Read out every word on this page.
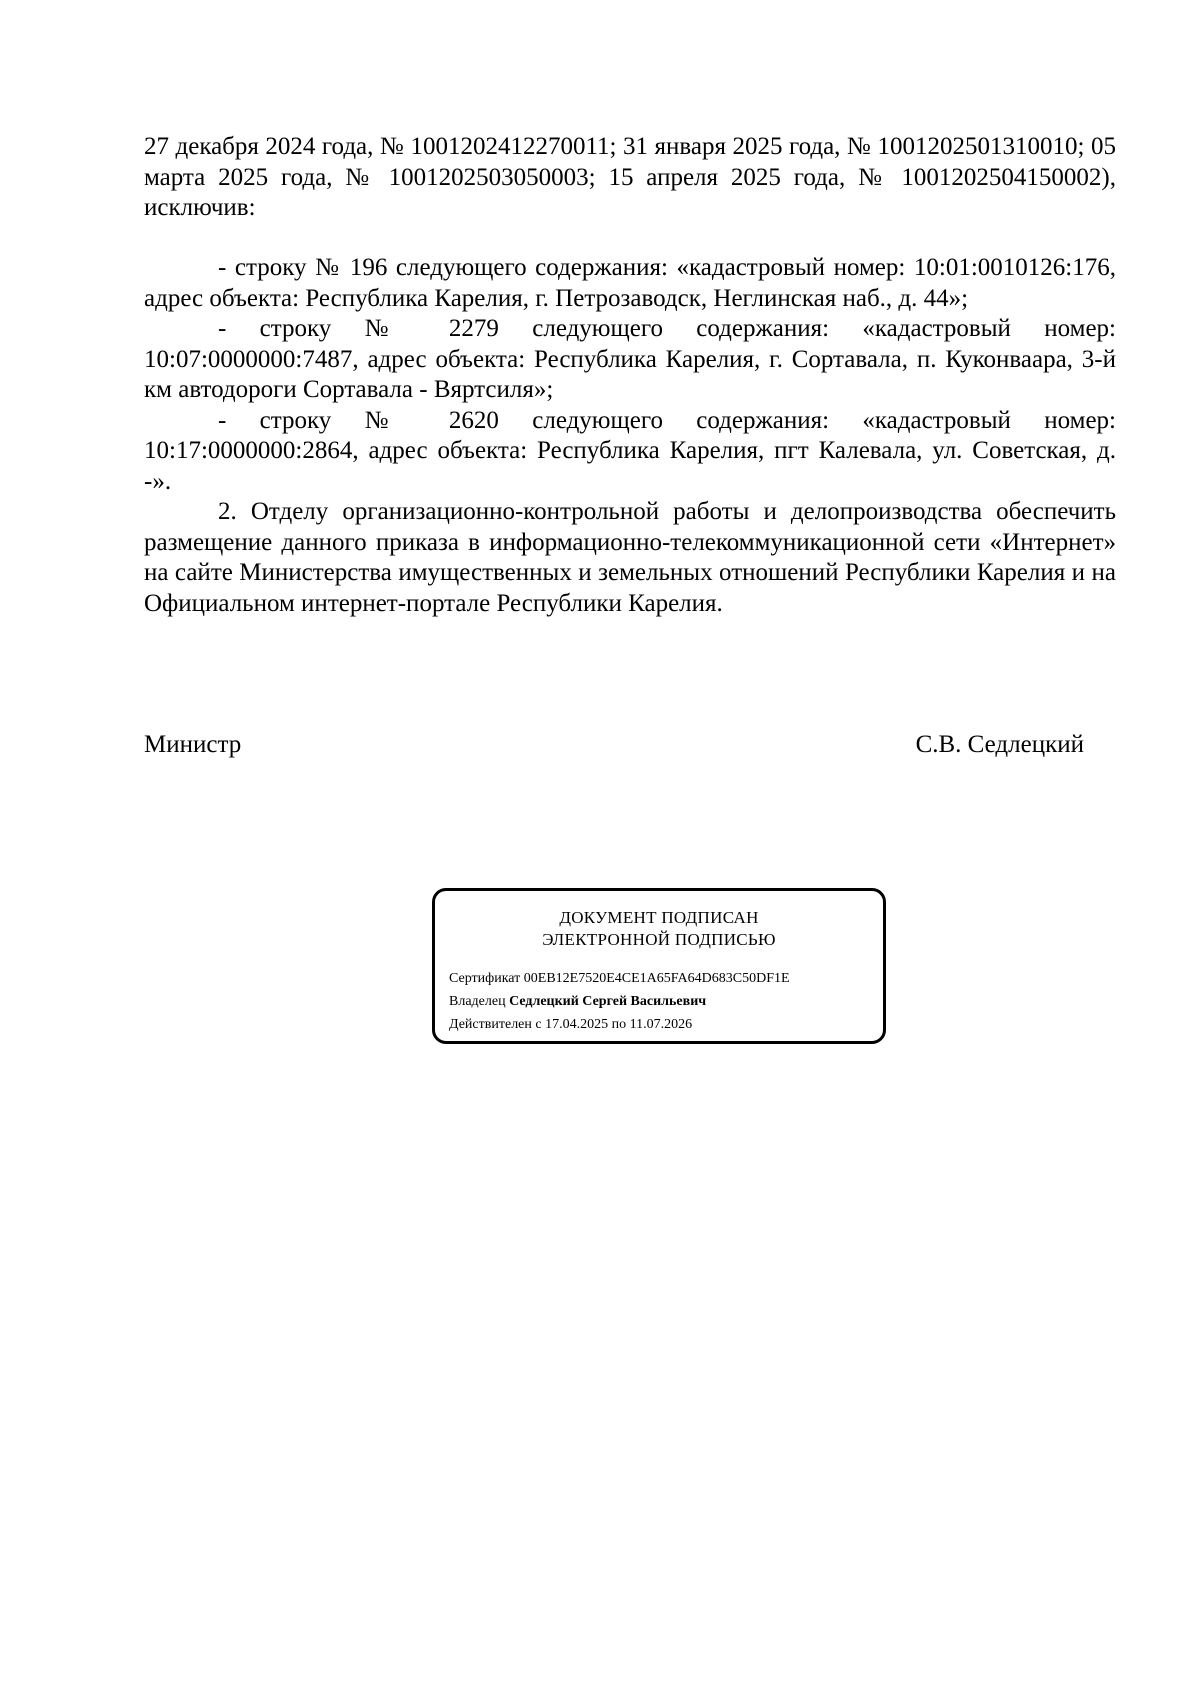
27 декабря 2024 года, № 1001202412270011; 31 января 2025 года, № 1001202501310010; 05 марта 2025 года, № 1001202503050003; 15 апреля 2025 года, № 1001202504150002), исключив:

- строку № 196 следующего содержания: «кадастровый номер: 10:01:0010126:176, адрес объекта: Республика Карелия, г. Петрозаводск, Неглинская наб., д. 44»;

- строку № 2279 следующего содержания: «кадастровый номер: 10:07:0000000:7487, адрес объекта: Республика Карелия, г. Сортавала, п. Куконваара, 3-й км автодороги Сортавала - Вяртсиля»;

- строку № 2620 следующего содержания: «кадастровый номер: 10:17:0000000:2864, адрес объекта: Республика Карелия, пгт Калевала, ул. Советская, д. -».

2. Отделу организационно-контрольной работы и делопроизводства обеспечить размещение данного приказа в информационно-телекоммуникационной сети «Интернет» на сайте Министерства имущественных и земельных отношений Республики Карелия и на Официальном интернет-портале Республики Карелия.

Министр	С.В. Седлецкий
ДОКУМЕНТ ПОДПИСАН
ЭЛЕКТРОННОЙ ПОДПИСЬЮ
Сертификат 00EB12E7520E4CE1A65FA64D683C50DF1E
Владелец Седлецкий Сергей Васильевич
Действителен с 17.04.2025 по 11.07.2026
